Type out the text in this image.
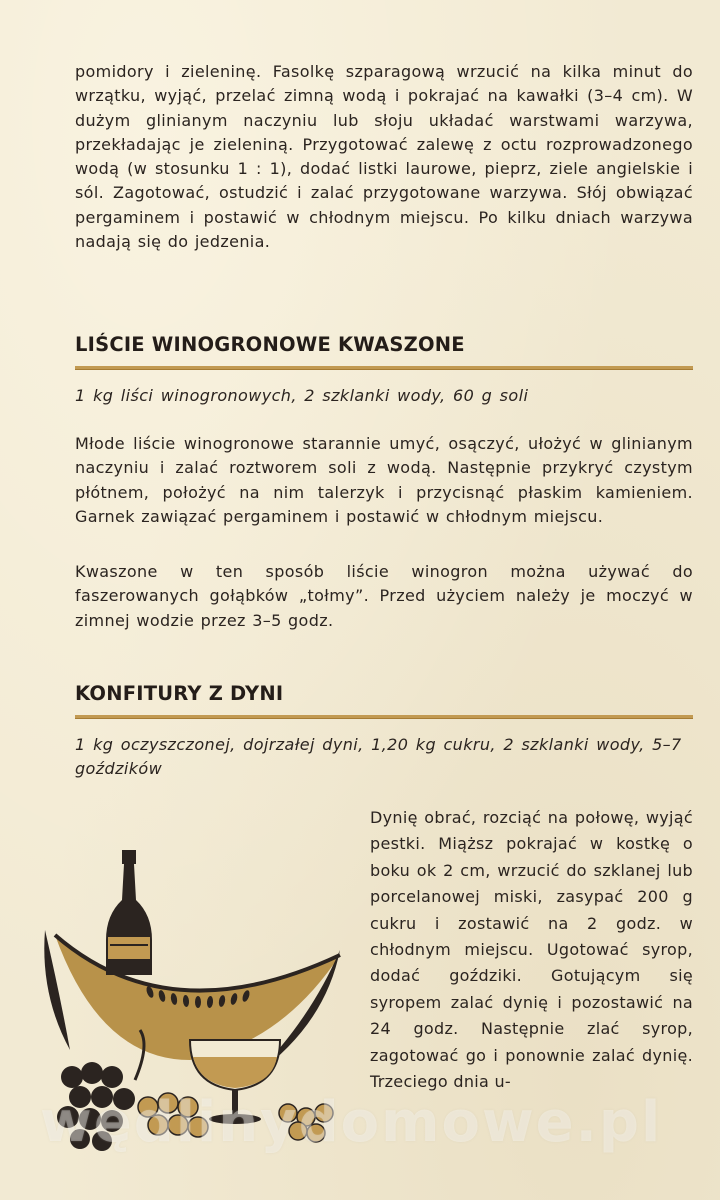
pomidory i zieleninę. Fasolkę szparagową wrzucić na kilka minut do wrzątku, wyjąć, przelać zimną wodą i pokrajać na kawałki (3–4 cm). W dużym glinianym naczyniu lub słoju układać warstwami warzywa, przekładając je zieleniną. Przygotować zalewę z octu rozprowadzonego wodą (w stosunku 1 : 1), dodać listki laurowe, pieprz, ziele angielskie i sól. Zagotować, ostudzić i zalać przygotowane warzywa. Słój obwiązać pergaminem i postawić w chłodnym miejscu. Po kilku dniach warzywa nadają się do jedzenia.

LIŚCIE WINOGRONOWE KWASZONE

1 kg liści winogronowych, 2 szklanki wody, 60 g soli

Młode liście winogronowe starannie umyć, osączyć, ułożyć w glinianym naczyniu i zalać roztworem soli z wodą. Następnie przykryć czystym płótnem, położyć na nim talerzyk i przycisnąć płaskim kamieniem. Garnek zawiązać pergaminem i postawić w chłodnym miejscu.

Kwaszone w ten sposób liście winogron można używać do faszerowanych gołąbków „tołmy”. Przed użyciem należy je moczyć w zimnej wodzie przez 3–5 godz.

KONFITURY Z DYNI

1 kg oczyszczonej, dojrzałej dyni, 1,20 kg cukru, 2 szklanki wody, 5–7 goździków

Dynię obrać, rozciąć na połowę, wyjąć pestki. Miąższ pokrajać w kostkę o boku ok 2 cm, wrzucić do szklanej lub porcelanowej miski, zasypać 200 g cukru i zostawić na 2 godz. w chłodnym miejscu. Ugotować syrop, dodać goździki. Gotującym się syropem zalać dynię i pozostawić na 24 godz. Następnie zlać syrop, zagotować go i ponownie zalać dynię. Trzeciego dnia u-

wędlinydomowe.pl
